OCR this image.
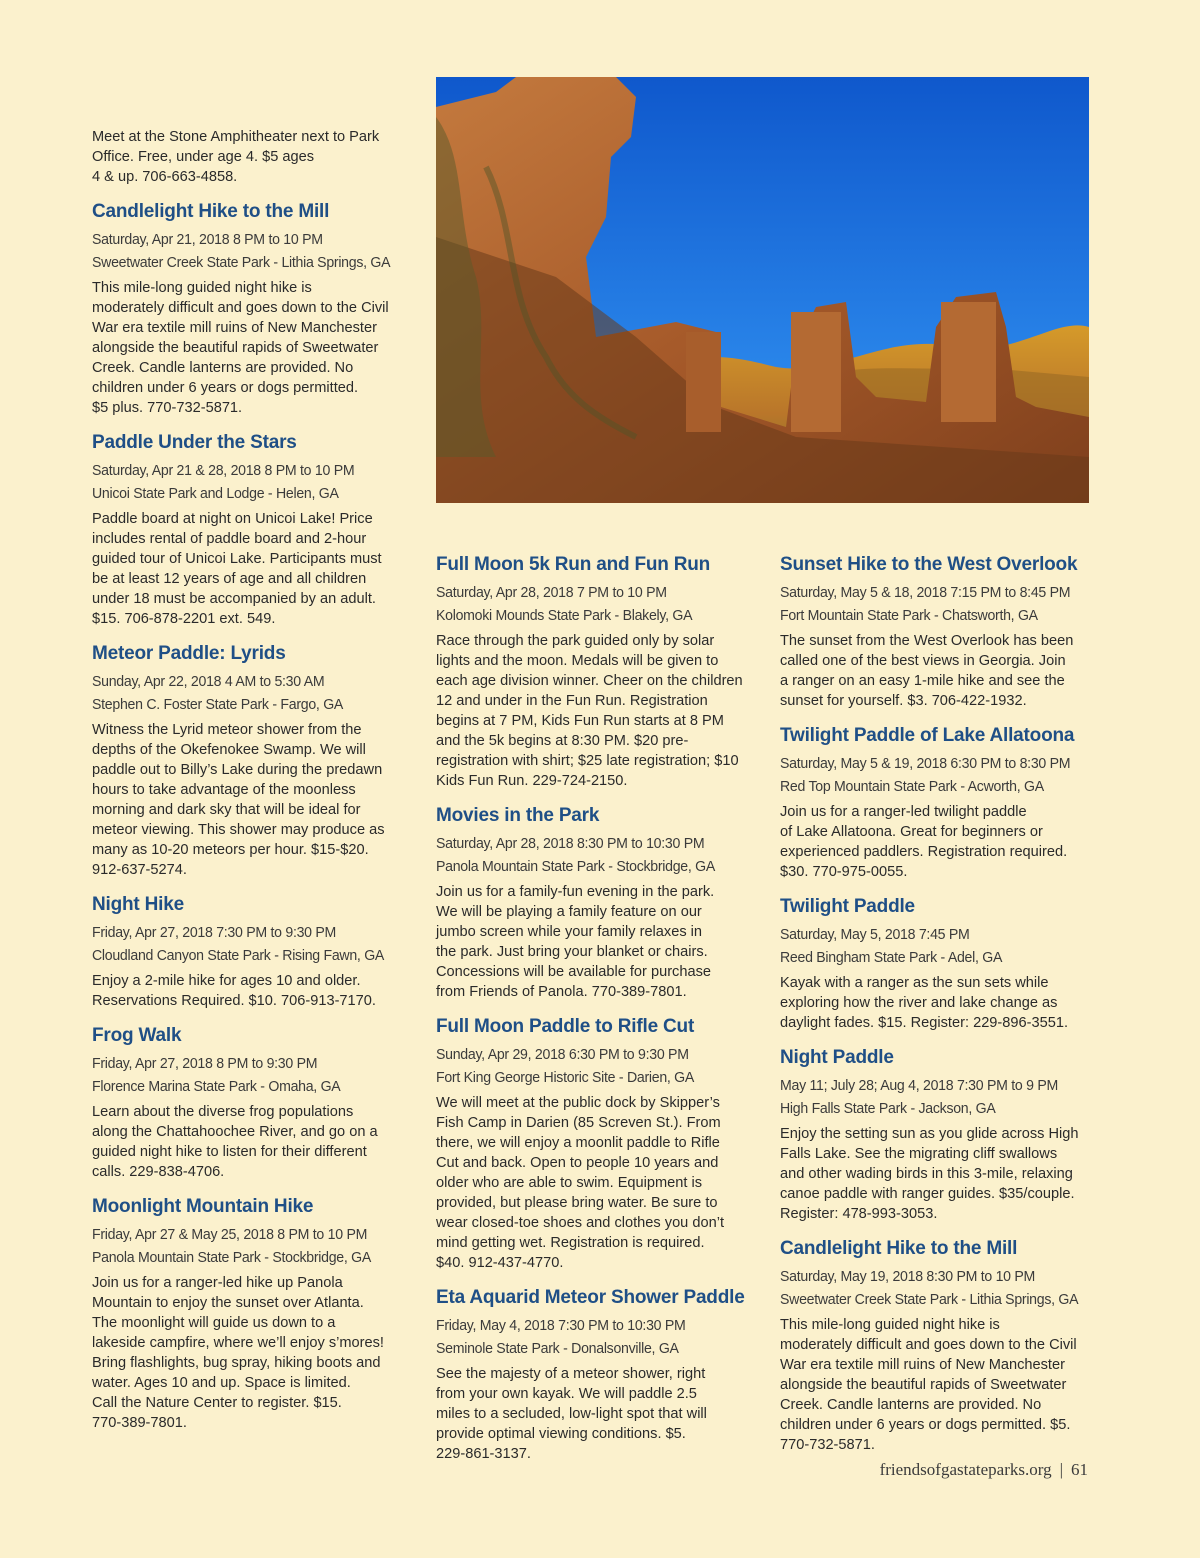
Meet at the Stone Amphitheater next to Park
Office. Free, under age 4. $5 ages
4 & up. 706-663-4858.

Candlelight Hike to the Mill

Saturday, Apr 21, 2018 8 PM to 10 PM

Sweetwater Creek State Park - Lithia Springs, GA

This mile-long guided night hike is
moderately difficult and goes down to the Civil
War era textile mill ruins of New Manchester
alongside the beautiful rapids of Sweetwater
Creek. Candle lanterns are provided. No
children under 6 years or dogs permitted.
$5 plus. 770-732-5871.

Paddle Under the Stars

Saturday, Apr 21 & 28, 2018 8 PM to 10 PM

Unicoi State Park and Lodge - Helen, GA

Paddle board at night on Unicoi Lake! Price
includes rental of paddle board and 2-hour
guided tour of Unicoi Lake. Participants must
be at least 12 years of age and all children
under 18 must be accompanied by an adult.
$15. 706-878-2201 ext. 549.

Meteor Paddle: Lyrids

Sunday, Apr 22, 2018 4 AM to 5:30 AM

Stephen C. Foster State Park - Fargo, GA

Witness the Lyrid meteor shower from the
depths of the Okefenokee Swamp. We will
paddle out to Billy’s Lake during the predawn
hours to take advantage of the moonless
morning and dark sky that will be ideal for
meteor viewing. This shower may produce as
many as 10-20 meteors per hour. $15-$20.
912-637-5274.

Night Hike

Friday, Apr 27, 2018 7:30 PM to 9:30 PM

Cloudland Canyon State Park - Rising Fawn, GA

Enjoy a 2-mile hike for ages 10 and older.
Reservations Required. $10. 706-913-7170.

Frog Walk

Friday, Apr 27, 2018 8 PM to 9:30 PM

Florence Marina State Park - Omaha, GA

Learn about the diverse frog populations
along the Chattahoochee River, and go on a
guided night hike to listen for their different
calls. 229-838-4706.

Moonlight Mountain Hike

Friday, Apr 27 & May 25, 2018 8 PM to 10 PM

Panola Mountain State Park - Stockbridge, GA

Join us for a ranger-led hike up Panola
Mountain to enjoy the sunset over Atlanta.
The moonlight will guide us down to a
lakeside campfire, where we’ll enjoy s’mores!
Bring flashlights, bug spray, hiking boots and
water. Ages 10 and up. Space is limited.
Call the Nature Center to register. $15.
770-389-7801.

Full Moon 5k Run and Fun Run

Saturday, Apr 28, 2018 7 PM to 10 PM

Kolomoki Mounds State Park - Blakely, GA

Race through the park guided only by solar
lights and the moon. Medals will be given to
each age division winner. Cheer on the children
12 and under in the Fun Run. Registration
begins at 7 PM, Kids Fun Run starts at 8 PM
and the 5k begins at 8:30 PM. $20 pre-
registration with shirt; $25 late registration; $10
Kids Fun Run. 229-724-2150.

Movies in the Park

Saturday, Apr 28, 2018 8:30 PM to 10:30 PM

Panola Mountain State Park - Stockbridge, GA

Join us for a family-fun evening in the park.
We will be playing a family feature on our
jumbo screen while your family relaxes in
the park. Just bring your blanket or chairs.
Concessions will be available for purchase
from Friends of Panola. 770-389-7801.

Full Moon Paddle to Rifle Cut

Sunday, Apr 29, 2018 6:30 PM to 9:30 PM

Fort King George Historic Site - Darien, GA

We will meet at the public dock by Skipper’s
Fish Camp in Darien (85 Screven St.). From
there, we will enjoy a moonlit paddle to Rifle
Cut and back. Open to people 10 years and
older who are able to swim. Equipment is
provided, but please bring water. Be sure to
wear closed-toe shoes and clothes you don’t
mind getting wet. Registration is required.
$40. 912-437-4770.

Eta Aquarid Meteor Shower Paddle

Friday, May 4, 2018 7:30 PM to 10:30 PM

Seminole State Park - Donalsonville, GA

See the majesty of a meteor shower, right
from your own kayak. We will paddle 2.5
miles to a secluded, low-light spot that will
provide optimal viewing conditions. $5.
229-861-3137.

Sunset Hike to the West Overlook

Saturday, May 5 & 18, 2018 7:15 PM to 8:45 PM

Fort Mountain State Park - Chatsworth, GA

The sunset from the West Overlook has been
called one of the best views in Georgia. Join
a ranger on an easy 1-mile hike and see the
sunset for yourself. $3. 706-422-1932.

Twilight Paddle of Lake Allatoona

Saturday, May 5 & 19, 2018 6:30 PM to 8:30 PM

Red Top Mountain State Park - Acworth, GA

Join us for a ranger-led twilight paddle
of Lake Allatoona. Great for beginners or
experienced paddlers. Registration required.
$30. 770-975-0055.

Twilight Paddle

Saturday, May 5, 2018 7:45 PM

Reed Bingham State Park - Adel, GA

Kayak with a ranger as the sun sets while
exploring how the river and lake change as
daylight fades. $15. Register: 229-896-3551.

Night Paddle

May 11; July 28; Aug 4, 2018 7:30 PM to 9 PM

High Falls State Park - Jackson, GA

Enjoy the setting sun as you glide across High
Falls Lake. See the migrating cliff swallows
and other wading birds in this 3-mile, relaxing
canoe paddle with ranger guides. $35/couple.
Register: 478-993-3053.

Candlelight Hike to the Mill

Saturday, May 19, 2018 8:30 PM to 10 PM

Sweetwater Creek State Park - Lithia Springs, GA

This mile-long guided night hike is
moderately difficult and goes down to the Civil
War era textile mill ruins of New Manchester
alongside the beautiful rapids of Sweetwater
Creek. Candle lanterns are provided. No
children under 6 years or dogs permitted. $5.
770-732-5871.

friendsofgastateparks.org | 61
